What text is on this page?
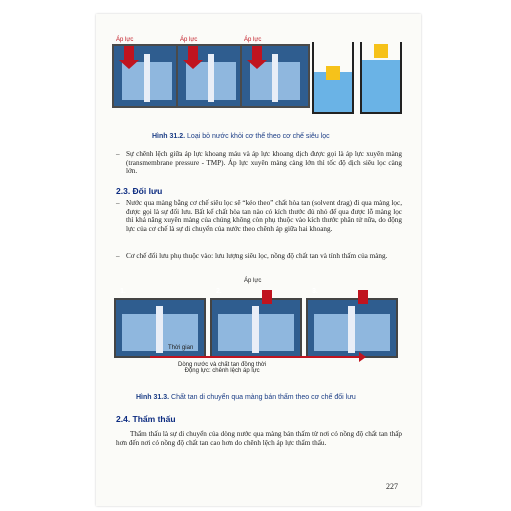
Áp lực	Áp lực	Áp lực
Hình 31.2. Loại bỏ nước khỏi cơ thể theo cơ chế siêu lọc
– Sự chênh lệch giữa áp lực khoang máu và áp lực khoang dịch được gọi là áp lực xuyên màng (transmembrane pressure - TMP). Áp lực xuyên màng càng lớn thì tốc độ dịch siêu lọc càng lớn.
2.3. Đối lưu
– Nước qua màng bằng cơ chế siêu lọc sẽ “kéo theo” chất hòa tan (solvent drag) đi qua màng lọc, được gọi là sự đối lưu. Bất kể chất hòa tan nào có kích thước đủ nhỏ để qua được lỗ màng lọc thì khả năng xuyên màng của chúng không còn phụ thuộc vào kích thước phân tử nữa, do động lực của cơ chế là sự di chuyển của nước theo chênh áp giữa hai khoang.
– Cơ chế đối lưu phụ thuộc vào: lưu lượng siêu lọc, nồng độ chất tan và tính thấm của màng.
Áp lực
1.	2.	3.
Thời gian
Dòng nước và chất tan đồng thời
Động lực: chênh lệch áp lực
Hình 31.3. Chất tan di chuyển qua màng bán thấm theo cơ chế đối lưu
2.4. Thẩm thấu
Thẩm thấu là sự di chuyển của dòng nước qua màng bán thấm từ nơi có nồng độ chất tan thấp hơn đến nơi có nồng độ chất tan cao hơn do chênh lệch áp lực thẩm thấu.
227
